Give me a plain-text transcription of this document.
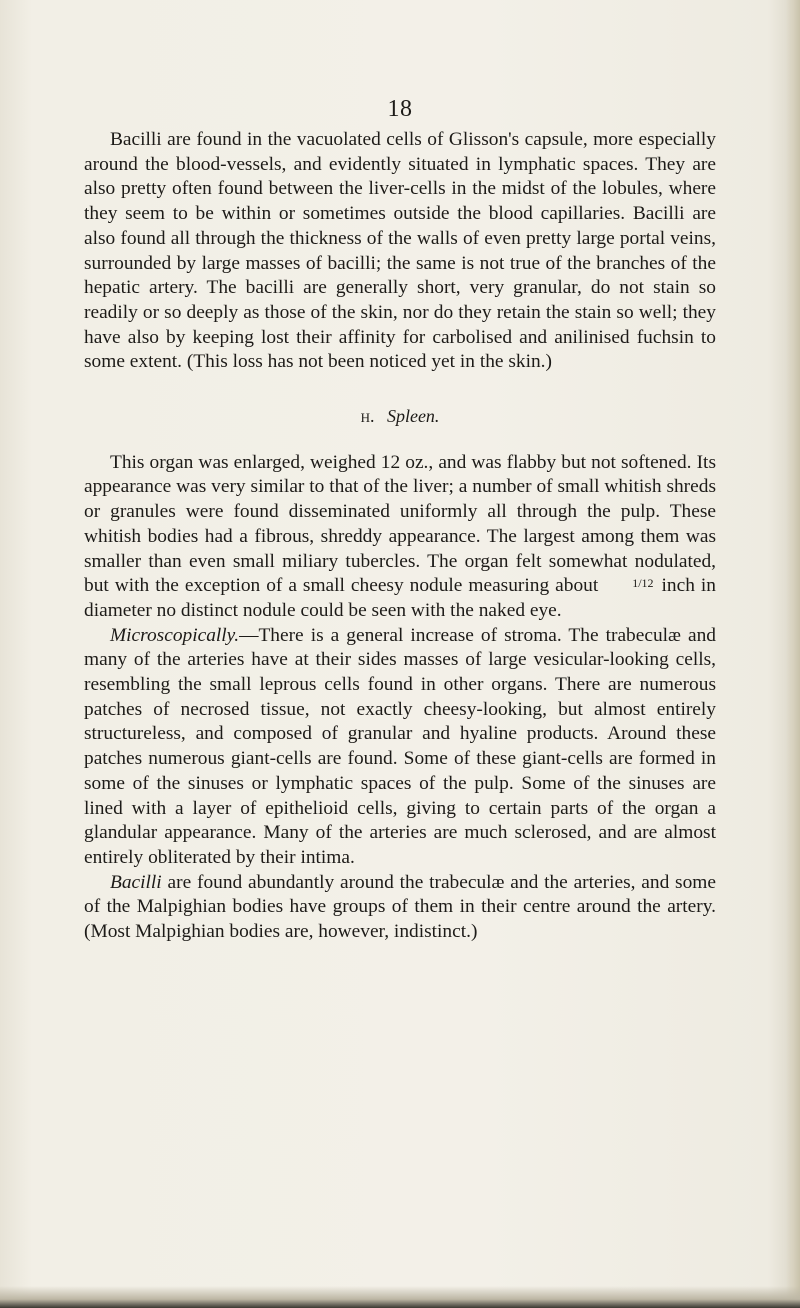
18

Bacilli are found in the vacuolated cells of Glisson's capsule, more especially around the blood-vessels, and evidently situated in lymphatic spaces. They are also pretty often found between the liver-cells in the midst of the lobules, where they seem to be within or sometimes outside the blood capillaries. Bacilli are also found all through the thickness of the walls of even pretty large portal veins, surrounded by large masses of bacilli; the same is not true of the branches of the hepatic artery. The bacilli are generally short, very granular, do not stain so readily or so deeply as those of the skin, nor do they retain the stain so well; they have also by keeping lost their affinity for carbolised and anilinised fuchsin to some extent. (This loss has not been noticed yet in the skin.)

h. Spleen.

This organ was enlarged, weighed 12 oz., and was flabby but not softened. Its appearance was very similar to that of the liver; a number of small whitish shreds or granules were found disseminated uniformly all through the pulp. These whitish bodies had a fibrous, shreddy appearance. The largest among them was smaller than even small miliary tubercles. The organ felt somewhat nodulated, but with the exception of a small cheesy nodule measuring about	1/12 inch in diameter no distinct nodule could be seen with the naked eye.

Microscopically.—There is a general increase of stroma. The trabeculæ and many of the arteries have at their sides masses of large vesicular-looking cells, resembling the small leprous cells found in other organs. There are numerous patches of necrosed tissue, not exactly cheesy-looking, but almost entirely structureless, and composed of granular and hyaline products. Around these patches numerous giant-cells are found. Some of these giant-cells are formed in some of the sinuses or lymphatic spaces of the pulp. Some of the sinuses are lined with a layer of epithelioid cells, giving to certain parts of the organ a glandular appearance. Many of the arteries are much sclerosed, and are almost entirely obliterated by their intima.

Bacilli are found abundantly around the trabeculæ and the arteries, and some of the Malpighian bodies have groups of them in their centre around the artery. (Most Malpighian bodies are, however, indistinct.)
